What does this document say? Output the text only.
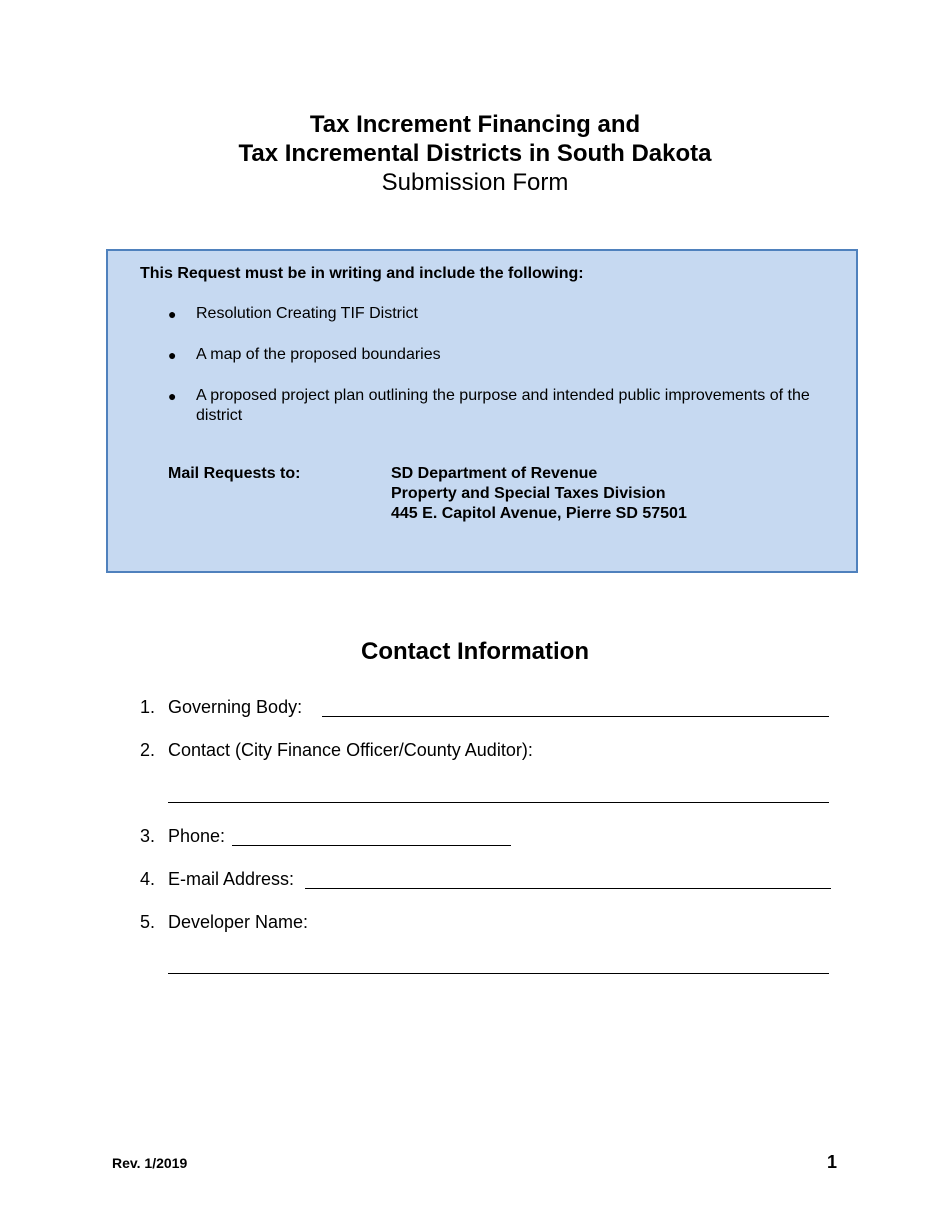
Tax Increment Financing and
Tax Incremental Districts in South Dakota
Submission Form
This Request must be in writing and include the following:
● Resolution Creating TIF District
● A map of the proposed boundaries
● A proposed project plan outlining the purpose and intended public improvements of the district
Mail Requests to:	SD Department of Revenue
Property and Special Taxes Division
445 E. Capitol Avenue, Pierre SD 57501
Contact Information
1. Governing Body:
2. Contact (City Finance Officer/County Auditor):
3. Phone:
4. E-mail Address:
5. Developer Name:
Rev. 1/2019	1
